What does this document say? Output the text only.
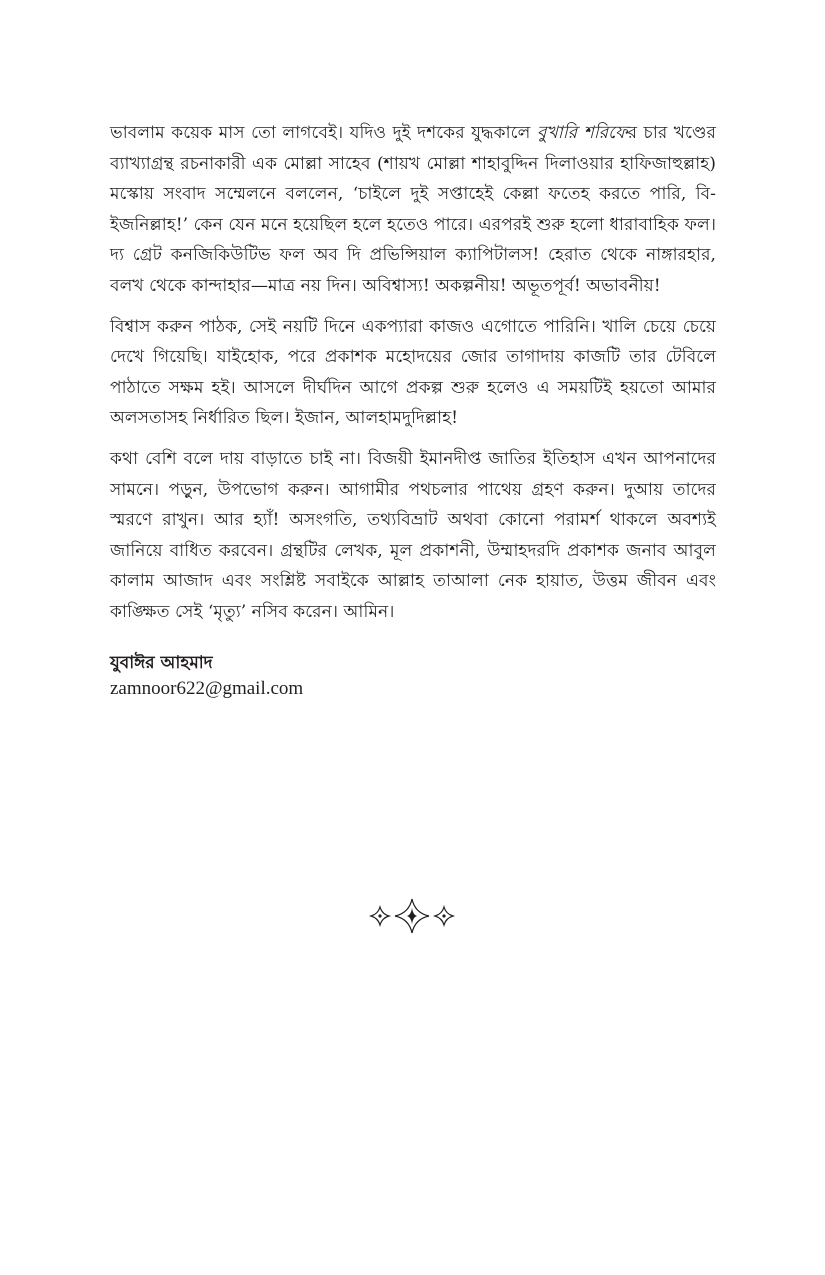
ভাবলাম কয়েক মাস তো লাগবেই। যদিও দুই দশকের যুদ্ধকালে বুখারি শরিফের চার খণ্ডের ব্যাখ্যাগ্রন্থ রচনাকারী এক মোল্লা সাহেব (শায়খ মোল্লা শাহাবুদ্দিন দিলাওয়ার হাফিজাহুল্লাহ) মস্কোয় সংবাদ সম্মেলনে বললেন, ‘চাইলে দুই সপ্তাহেই কেল্লা ফতেহ করতে পারি, বি-ইজনিল্লাহ!’ কেন যেন মনে হয়েছিল হলে হতেও পারে। এরপরই শুরু হলো ধারাবাহিক ফল। দ্য গ্রেট কনজিকিউটিভ ফল অব দি প্রভিন্সিয়াল ক্যাপিটালস! হেরাত থেকে নাঙ্গারহার, বলখ থেকে কান্দাহার—মাত্র নয় দিন। অবিশ্বাস্য! অকল্পনীয়! অভূতপূর্ব! অভাবনীয়!

বিশ্বাস করুন পাঠক, সেই নয়টি দিনে একপ্যারা কাজও এগোতে পারিনি। খালি চেয়ে চেয়ে দেখে গিয়েছি। যাইহোক, পরে প্রকাশক মহোদয়ের জোর তাগাদায় কাজটি তার টেবিলে পাঠাতে সক্ষম হই। আসলে দীর্ঘদিন আগে প্রকল্প শুরু হলেও এ সময়টিই হয়তো আমার অলসতাসহ নির্ধারিত ছিল। ইজান, আলহামদুদিল্লাহ!

কথা বেশি বলে দায় বাড়াতে চাই না। বিজয়ী ইমানদীপ্ত জাতির ইতিহাস এখন আপনাদের সামনে। পড়ুন, উপভোগ করুন। আগামীর পথচলার পাথেয় গ্রহণ করুন। দুআয় তাদের স্মরণে রাখুন। আর হ্যাঁ! অসংগতি, তথ্যবিভ্রাট অথবা কোনো পরামর্শ থাকলে অবশ্যই জানিয়ে বাধিত করবেন। গ্রন্থটির লেখক, মূল প্রকাশনী, উম্মাহদরদি প্রকাশক জনাব আবুল কালাম আজাদ এবং সংশ্লিষ্ট সবাইকে আল্লাহ তাআলা নেক হায়াত, উত্তম জীবন এবং কাঙ্ক্ষিত সেই ‘মৃত্যু’ নসিব করেন। আমিন।

যুবাঈর আহমাদ
zamnoor622@gmail.com
